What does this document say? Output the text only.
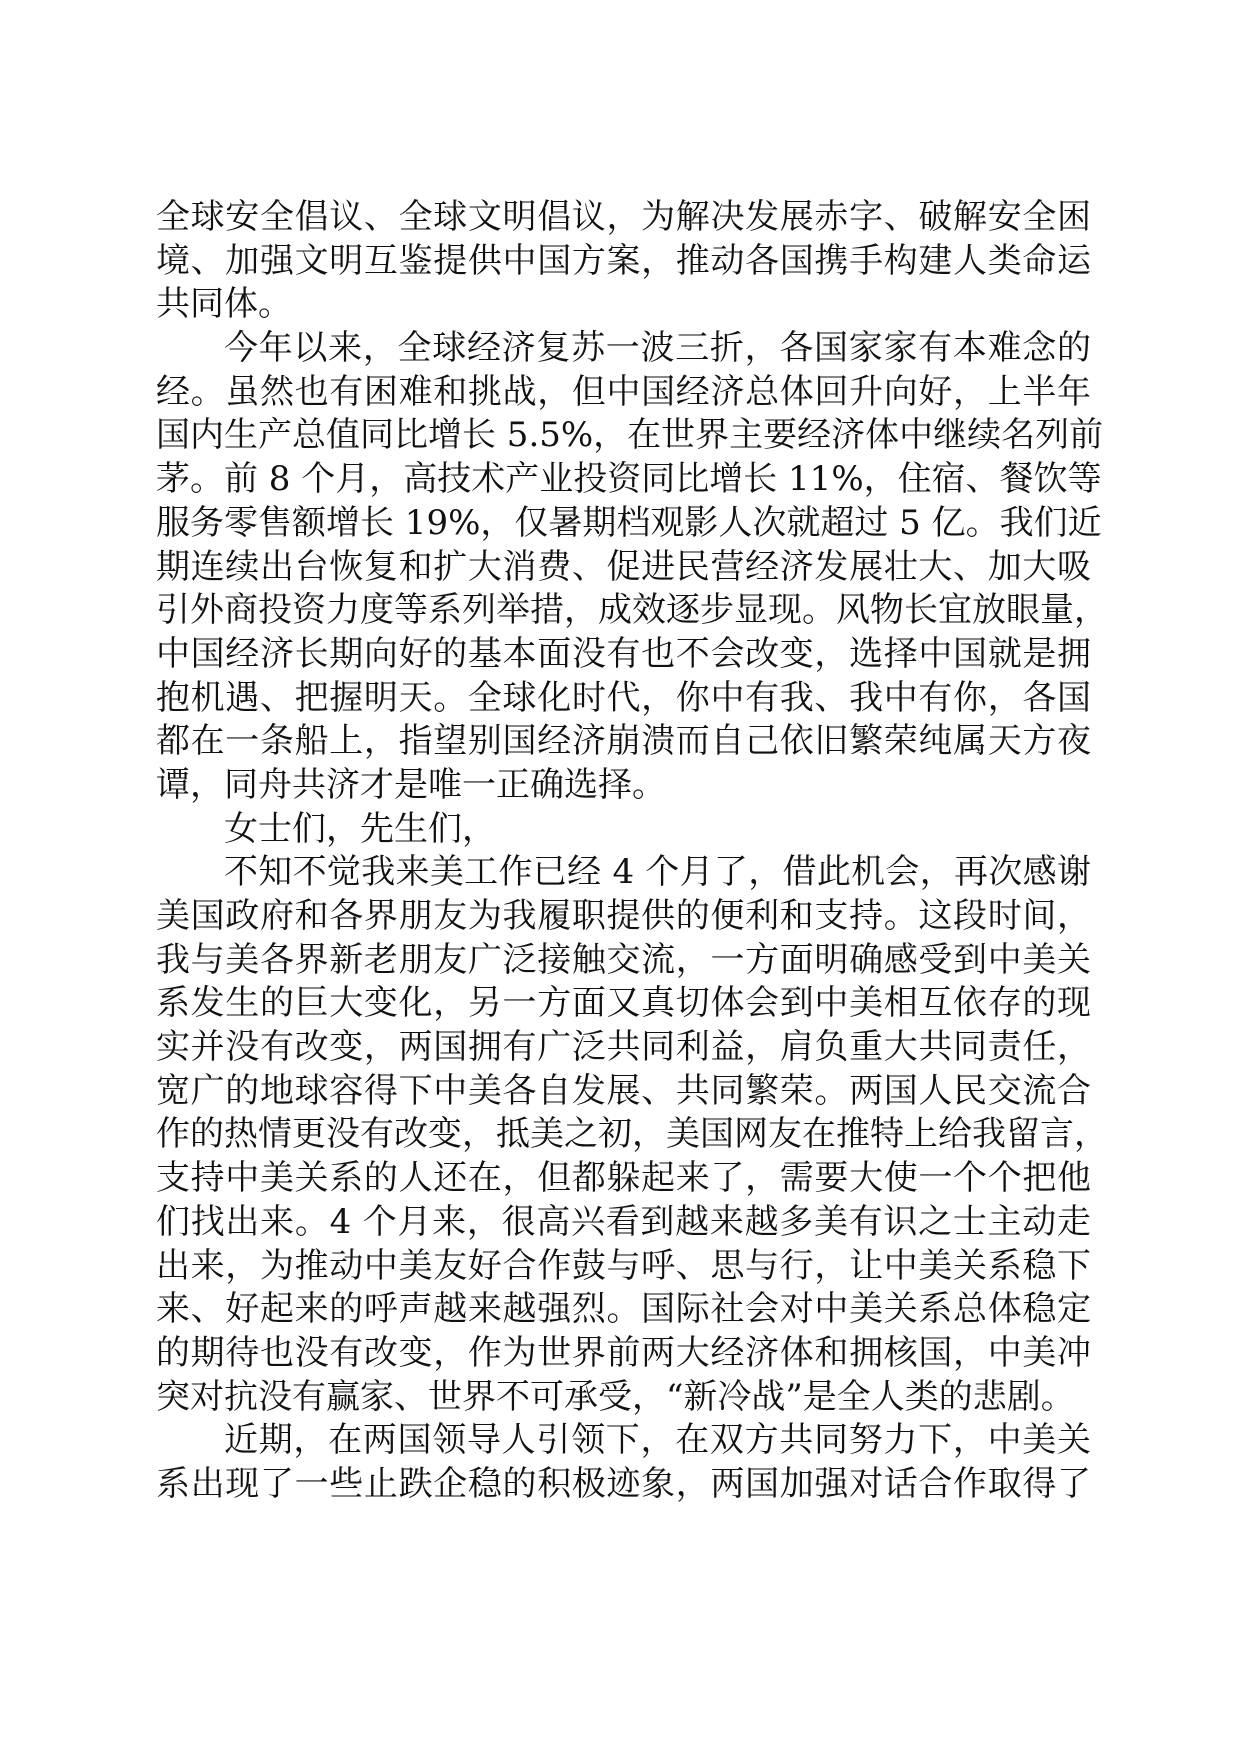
全球安全倡议、全球文明倡议，为解决发展赤字、破解安全困
境、加强文明互鉴提供中国方案，推动各国携手构建人类命运
共同体。
今年以来，全球经济复苏一波三折，各国家家有本难念的
经。虽然也有困难和挑战，但中国经济总体回升向好，上半年
国内生产总值同比增长 5.5%，在世界主要经济体中继续名列前
茅。前 8 个月，高技术产业投资同比增长 11%，住宿、餐饮等
服务零售额增长 19%，仅暑期档观影人次就超过 5 亿。我们近
期连续出台恢复和扩大消费、促进民营经济发展壮大、加大吸
引外商投资力度等系列举措，成效逐步显现。风物长宜放眼量，
中国经济长期向好的基本面没有也不会改变，选择中国就是拥
抱机遇、把握明天。全球化时代，你中有我、我中有你，各国
都在一条船上，指望别国经济崩溃而自己依旧繁荣纯属天方夜
谭，同舟共济才是唯一正确选择。
女士们，先生们，
不知不觉我来美工作已经 4 个月了，借此机会，再次感谢
美国政府和各界朋友为我履职提供的便利和支持。这段时间，
我与美各界新老朋友广泛接触交流，一方面明确感受到中美关
系发生的巨大变化，另一方面又真切体会到中美相互依存的现
实并没有改变，两国拥有广泛共同利益，肩负重大共同责任，
宽广的地球容得下中美各自发展、共同繁荣。两国人民交流合
作的热情更没有改变，抵美之初，美国网友在推特上给我留言，
支持中美关系的人还在，但都躲起来了，需要大使一个个把他
们找出来。4 个月来，很高兴看到越来越多美有识之士主动走
出来，为推动中美友好合作鼓与呼、思与行，让中美关系稳下
来、好起来的呼声越来越强烈。国际社会对中美关系总体稳定
的期待也没有改变，作为世界前两大经济体和拥核国，中美冲
突对抗没有赢家、世界不可承受，“新冷战”是全人类的悲剧。
近期，在两国领导人引领下，在双方共同努力下，中美关
系出现了一些止跌企稳的积极迹象，两国加强对话合作取得了
